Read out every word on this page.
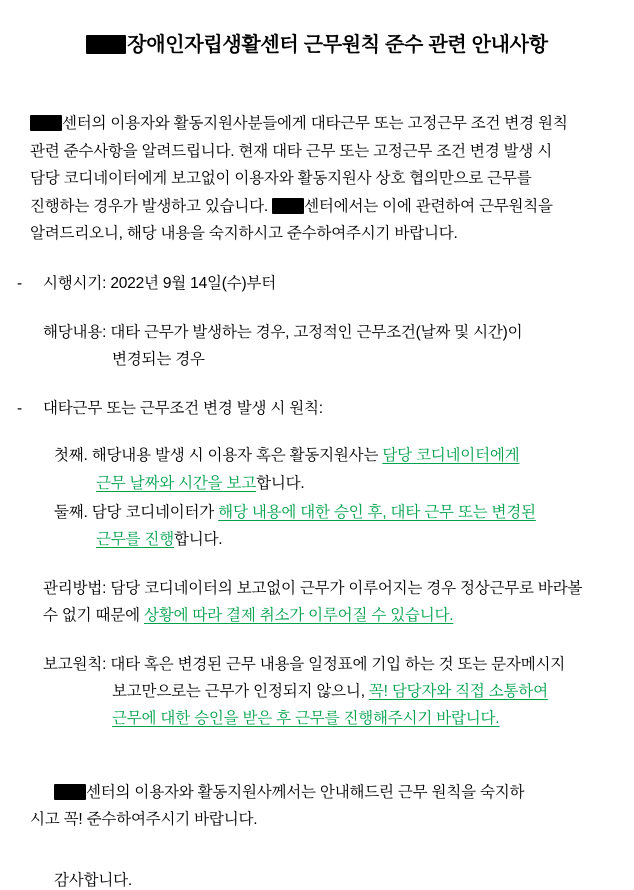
장애인자립생활센터 근무원칙 준수 관련 안내사항
센터의 이용자와 활동지원사분들에게 대타근무 또는 고정근무 조건 변경 원칙
관련 준수사항을 알려드립니다. 현재 대타 근무 또는 고정근무 조건 변경 발생 시
담당 코디네이터에게 보고없이 이용자와 활동지원사 상호 협의만으로 근무를
진행하는 경우가 발생하고 있습니다. 센터에서는 이에 관련하여 근무원칙을
알려드리오니, 해당 내용을 숙지하시고 준수하여주시기 바랍니다.
- 시행시기: 2022년 9월 14일(수)부터
해당내용: 대타 근무가 발생하는 경우, 고정적인 근무조건(날짜 및 시간)이
변경되는 경우
- 대타근무 또는 근무조건 변경 발생 시 원칙:
첫째. 해당내용 발생 시 이용자 혹은 활동지원사는 담당 코디네이터에게
근무 날짜와 시간을 보고합니다.
둘째. 담당 코디네이터가 해당 내용에 대한 승인 후, 대타 근무 또는 변경된
근무를 진행합니다.
관리방법: 담당 코디네이터의 보고없이 근무가 이루어지는 경우 정상근무로 바라볼
수 없기 때문에 상황에 따라 결제 취소가 이루어질 수 있습니다.
보고원칙: 대타 혹은 변경된 근무 내용을 일정표에 기입 하는 것 또는 문자메시지
보고만으로는 근무가 인정되지 않으니, 꼭! 담당자와 직접 소통하여
근무에 대한 승인을 받은 후 근무를 진행해주시기 바랍니다.
센터의 이용자와 활동지원사께서는 안내해드린 근무 원칙을 숙지하
시고 꼭! 준수하여주시기 바랍니다.
감사합니다.
